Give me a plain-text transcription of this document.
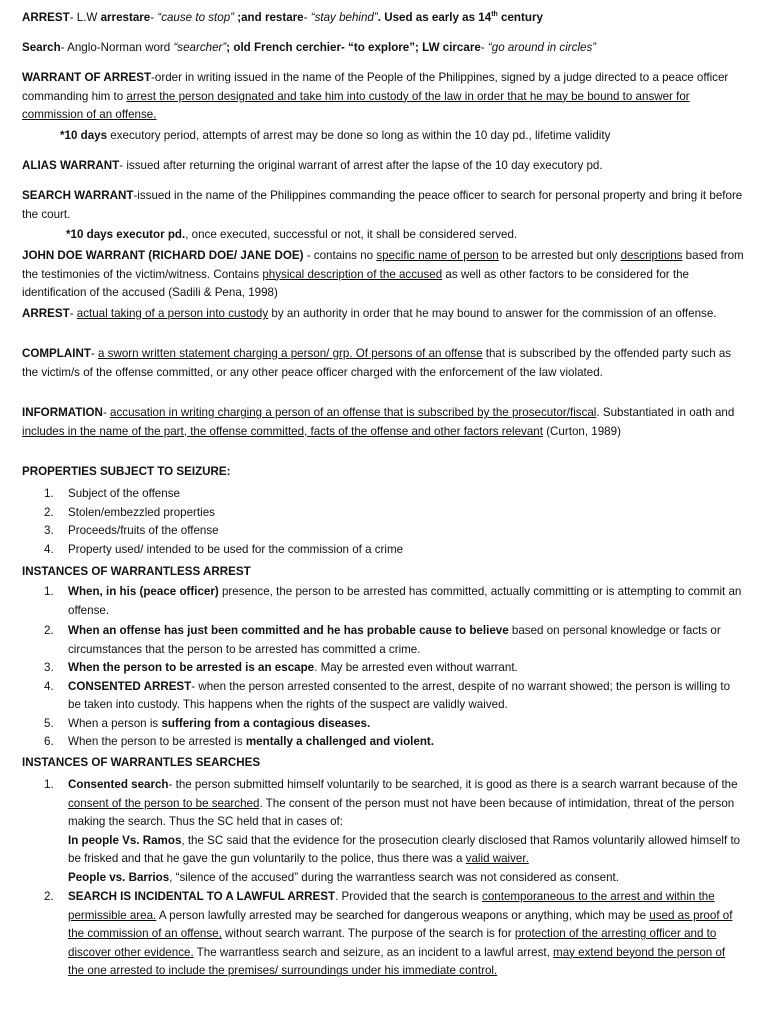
ARREST- L.W arrestare- “cause to stop” ;and restare- “stay behind”. Used as early as 14th century

Search- Anglo-Norman word “searcher”; old French cerchier- “to explore”; LW circare- “go around in circles”

WARRANT OF ARREST-order in writing issued in the name of the People of the Philippines, signed by a judge directed to a peace officer commanding him to arrest the person designated and take him into custody of the law in order that he may be bound to answer for commission of an offense.

*10 days executory period, attempts of arrest may be done so long as within the 10 day pd., lifetime validity

ALIAS WARRANT- issued after returning the original warrant of arrest after the lapse of the 10 day executory pd.

SEARCH WARRANT-issued in the name of the Philippines commanding the peace officer to search for personal property and bring it before the court.

*10 days executor pd., once executed, successful or not, it shall be considered served.

JOHN DOE WARRANT (RICHARD DOE/ JANE DOE) - contains no specific name of person to be arrested but only descriptions based from the testimonies of the victim/witness. Contains physical description of the accused as well as other factors to be considered for the identification of the accused (Sadili & Pena, 1998)

ARREST- actual taking of a person into custody by an authority in order that he may bound to answer for the commission of an offense.

COMPLAINT- a sworn written statement charging a person/ grp. Of persons of an offense that is subscribed by the offended party such as the victim/s of the offense committed, or any other peace officer charged with the enforcement of the law violated.

INFORMATION- accusation in writing charging a person of an offense that is subscribed by the prosecutor/fiscal. Substantiated in oath and includes in the name of the part, the offense committed, facts of the offense and other factors relevant (Curton, 1989)

PROPERTIES SUBJECT TO SEIZURE:

1. Subject of the offense
2. Stolen/embezzled properties
3. Proceeds/fruits of the offense
4. Property used/ intended to be used for the commission of a crime

INSTANCES OF WARRANTLESS ARREST

1. When, in his (peace officer) presence, the person to be arrested has committed, actually committing or is attempting to commit an offense.
2. When an offense has just been committed and he has probable cause to believe based on personal knowledge or facts or circumstances that the person to be arrested has committed a crime.
3. When the person to be arrested is an escape. May be arrested even without warrant.
4. CONSENTED ARREST- when the person arrested consented to the arrest, despite of no warrant showed; the person is willing to be taken into custody. This happens when the rights of the suspect are validly waived.
5. When a person is suffering from a contagious diseases.
6. When the person to be arrested is mentally a challenged and violent.

INSTANCES OF WARRANTLES SEARCHES

1. Consented search- the person submitted himself voluntarily to be searched, it is good as there is a search warrant because of the consent of the person to be searched. The consent of the person must not have been because of intimidation, threat of the person making the search. Thus the SC held that in cases of:
In people Vs. Ramos, the SC said that the evidence for the prosecution clearly disclosed that Ramos voluntarily allowed himself to be frisked and that he gave the gun voluntarily to the police, thus there was a valid waiver.
People vs. Barrios, “silence of the accused” during the warrantless search was not considered as consent.
2. SEARCH IS INCIDENTAL TO A LAWFUL ARREST. Provided that the search is contemporaneous to the arrest and within the permissible area. A person lawfully arrested may be searched for dangerous weapons or anything, which may be used as proof of the commission of an offense, without search warrant. The purpose of the search is for protection of the arresting officer and to discover other evidence. The warrantless search and seizure, as an incident to a lawful arrest, may extend beyond the person of the one arrested to include the premises/ surroundings under his immediate control.
